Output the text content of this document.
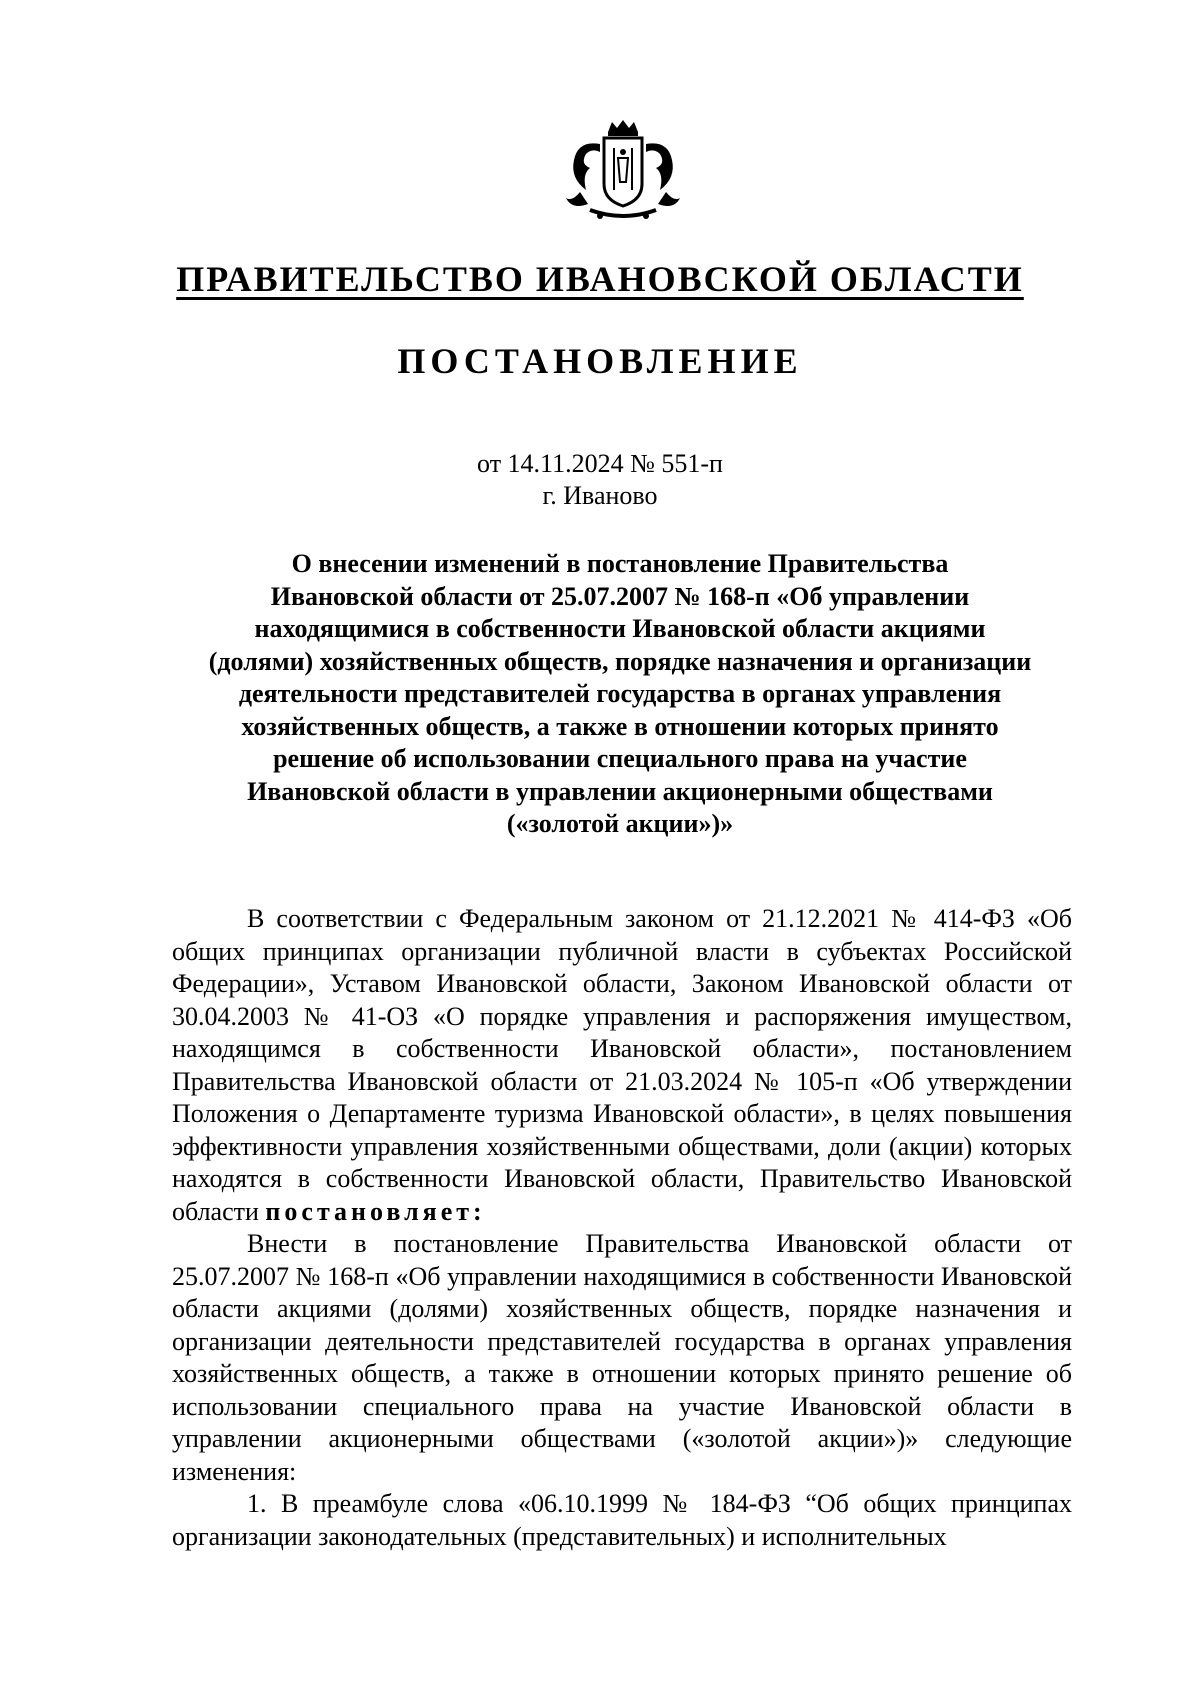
ПРАВИТЕЛЬСТВО ИВАНОВСКОЙ ОБЛАСТИ
ПОСТАНОВЛЕНИЕ
от 14.11.2024 № 551-п
г. Иваново
О внесении изменений в постановление Правительства
Ивановской области от 25.07.2007 № 168-п «Об управлении
находящимися в собственности Ивановской области акциями
(долями) хозяйственных обществ, порядке назначения и организации
деятельности представителей государства в органах управления
хозяйственных обществ, а также в отношении которых принято
решение об использовании специального права на участие
Ивановской области в управлении акционерными обществами
(«золотой акции»)»

В соответствии с Федеральным законом от 21.12.2021 № 414-ФЗ «Об общих принципах организации публичной власти в субъектах Российской Федерации», Уставом Ивановской области, Законом Ивановской области от 30.04.2003 № 41-ОЗ «О порядке управления и распоряжения имуществом, находящимся в собственности Ивановской области», постановлением Правительства Ивановской области от 21.03.2024 № 105-п «Об утверждении Положения о Департаменте туризма Ивановской области», в целях повышения эффективности управления хозяйственными обществами, доли (акции) которых находятся в собственности Ивановской области, Правительство Ивановской области постановляет:

Внести в постановление Правительства Ивановской области от 25.07.2007 № 168-п «Об управлении находящимися в собственности Ивановской области акциями (долями) хозяйственных обществ, порядке назначения и организации деятельности представителей государства в органах управления хозяйственных обществ, а также в отношении которых принято решение об использовании специального права на участие Ивановской области в управлении акционерными обществами («золотой акции»)» следующие изменения:

1. В преамбуле слова «06.10.1999 № 184-ФЗ “Об общих принципах организации законодательных (представительных) и исполнительных
